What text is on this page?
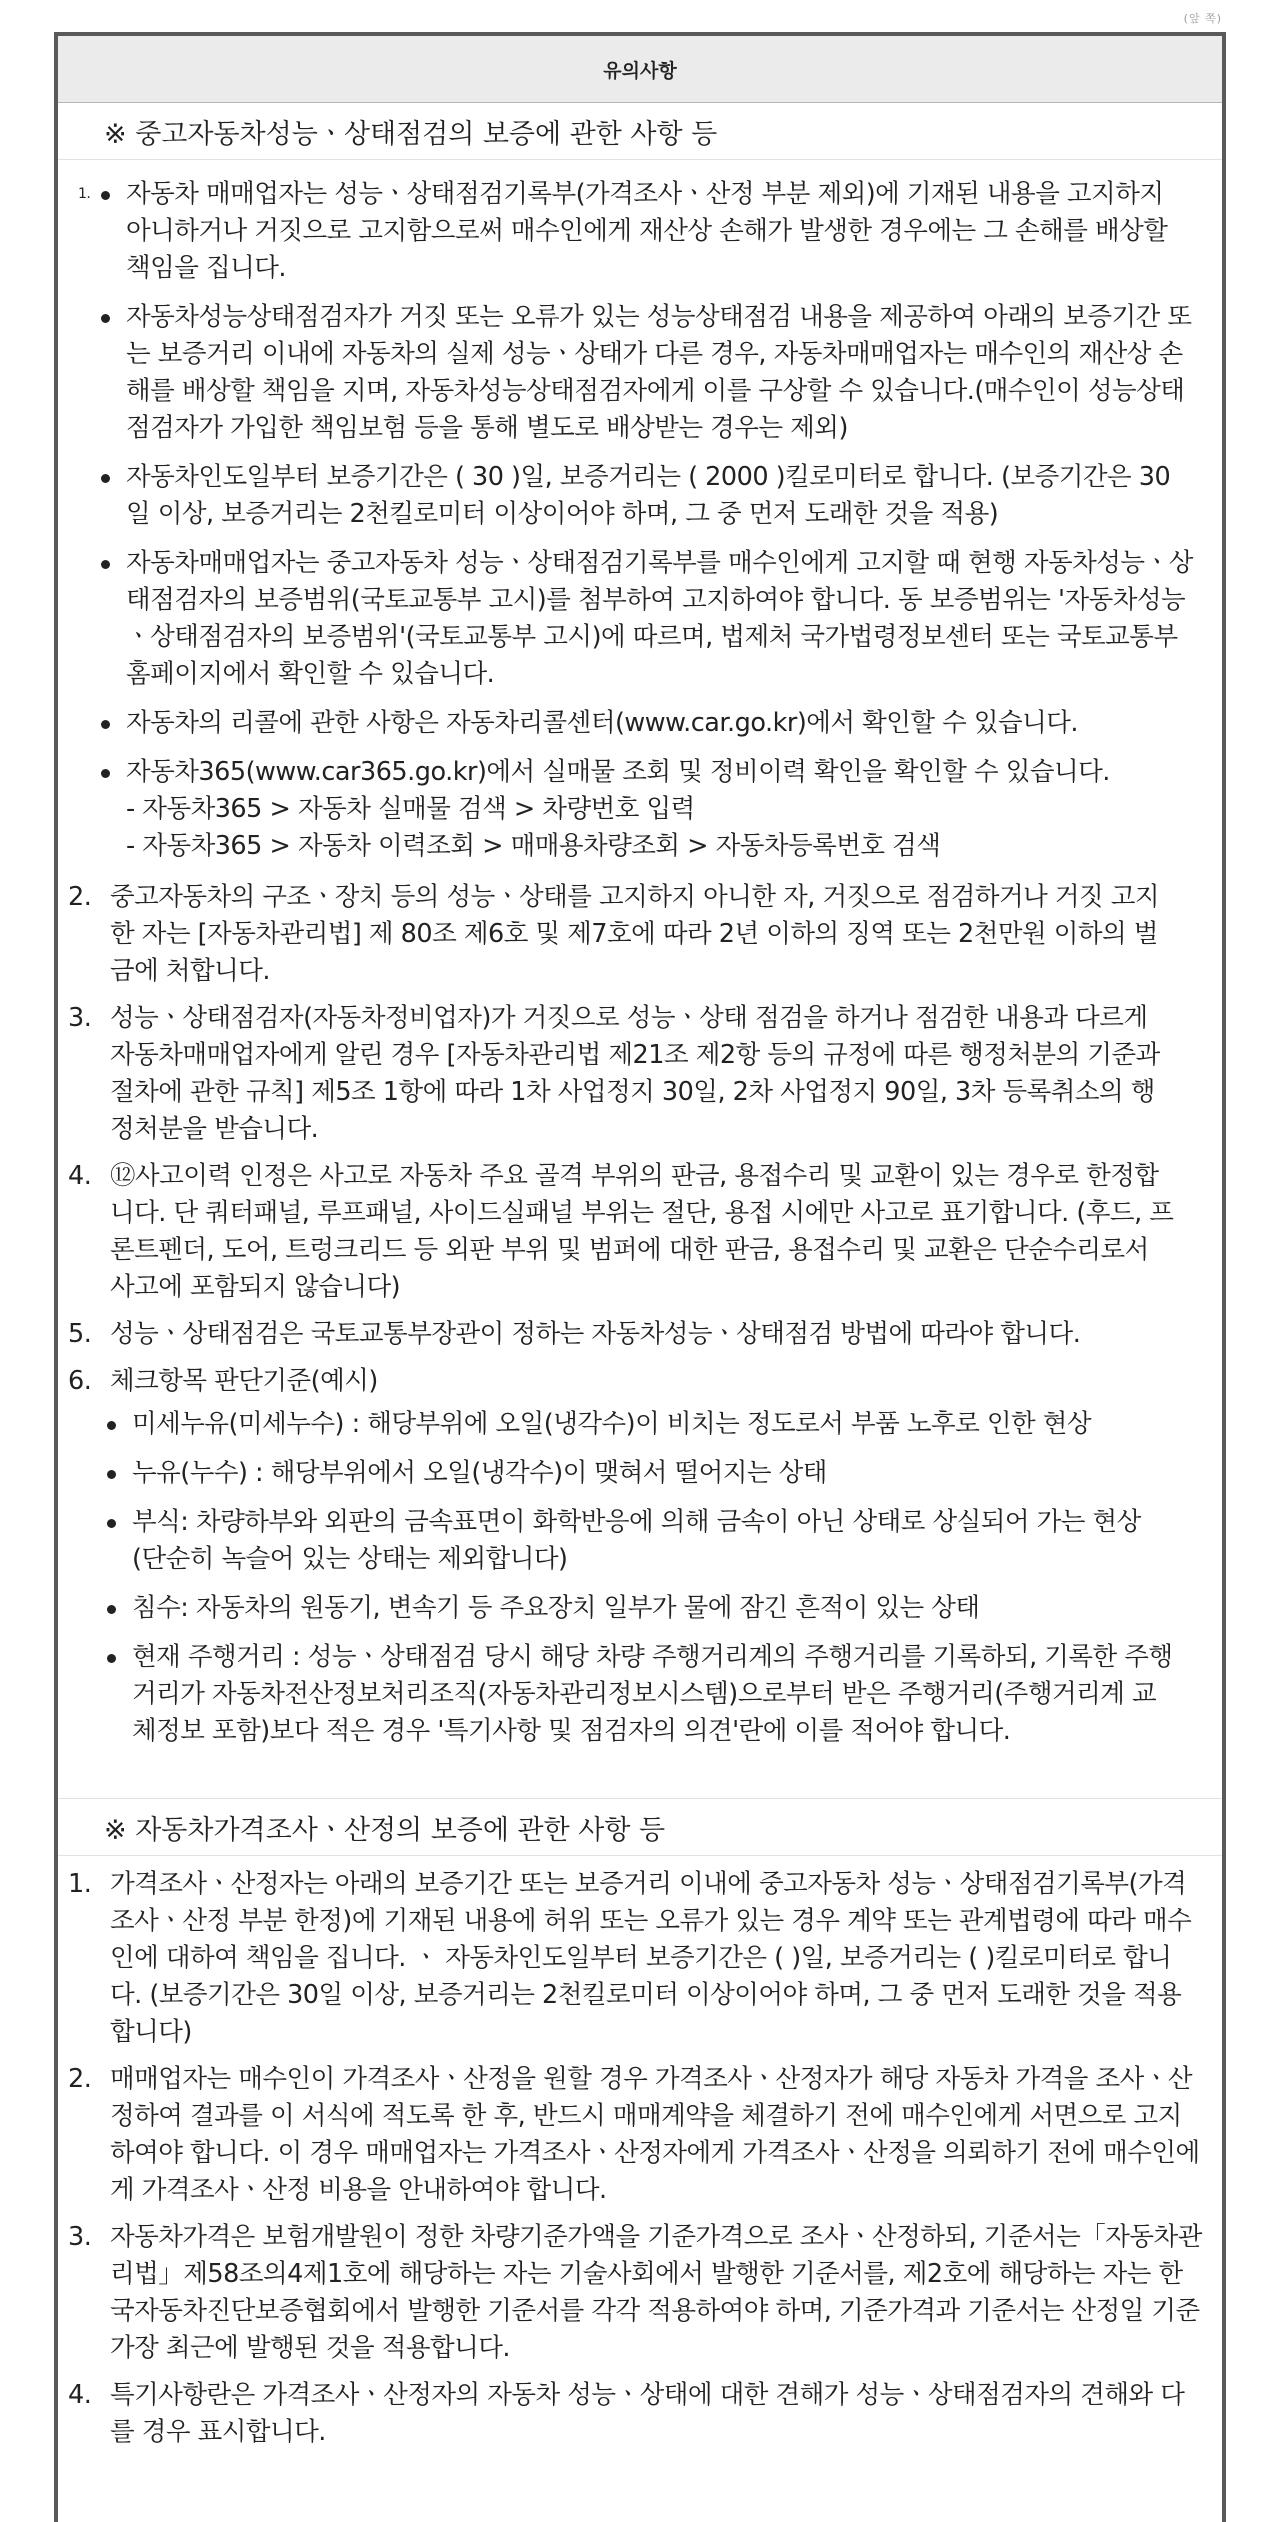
(앞 쪽)
유의사항
※ 중고자동차성능ㆍ상태점검의 보증에 관한 사항 등
1. 자동차 매매업자는 성능ㆍ상태점검기록부(가격조사ㆍ산정 부분 제외)에 기재된 내용을 고지하지 아니하거나 거짓으로 고지함으로써 매수인에게 재산상 손해가 발생한 경우에는 그 손해를 배상할 책임을 집니다.
자동차성능상태점검자가 거짓 또는 오류가 있는 성능상태점검 내용을 제공하여 아래의 보증기간 또는 보증거리 이내에 자동차의 실제 성능ㆍ상태가 다른 경우, 자동차매매업자는 매수인의 재산상 손해를 배상할 책임을 지며, 자동차성능상태점검자에게 이를 구상할 수 있습니다.(매수인이 성능상태점검자가 가입한 책임보험 등을 통해 별도로 배상받는 경우는 제외)
자동차인도일부터 보증기간은 ( 30 )일, 보증거리는 ( 2000 )킬로미터로 합니다. (보증기간은 30일 이상, 보증거리는 2천킬로미터 이상이어야 하며, 그 중 먼저 도래한 것을 적용)
자동차매매업자는 중고자동차 성능ㆍ상태점검기록부를 매수인에게 고지할 때 현행 자동차성능ㆍ상태점검자의 보증범위(국토교통부 고시)를 첨부하여 고지하여야 합니다. 동 보증범위는 '자동차성능ㆍ상태점검자의 보증범위'(국토교통부 고시)에 따르며, 법제처 국가법령정보센터 또는 국토교통부 홈페이지에서 확인할 수 있습니다.
자동차의 리콜에 관한 사항은 자동차리콜센터(www.car.go.kr)에서 확인할 수 있습니다.
자동차365(www.car365.go.kr)에서 실매물 조회 및 정비이력 확인을 확인할 수 있습니다.
- 자동차365 > 자동차 실매물 검색 > 차량번호 입력
- 자동차365 > 자동차 이력조회 > 매매용차량조회 > 자동차등록번호 검색
2. 중고자동차의 구조ㆍ장치 등의 성능ㆍ상태를 고지하지 아니한 자, 거짓으로 점검하거나 거짓 고지한 자는 [자동차관리법] 제 80조 제6호 및 제7호에 따라 2년 이하의 징역 또는 2천만원 이하의 벌금에 처합니다.
3. 성능ㆍ상태점검자(자동차정비업자)가 거짓으로 성능ㆍ상태 점검을 하거나 점검한 내용과 다르게 자동차매매업자에게 알린 경우 [자동차관리법 제21조 제2항 등의 규정에 따른 행정처분의 기준과 절차에 관한 규칙] 제5조 1항에 따라 1차 사업정지 30일, 2차 사업정지 90일, 3차 등록취소의 행정처분을 받습니다.
4. ⑫사고이력 인정은 사고로 자동차 주요 골격 부위의 판금, 용접수리 및 교환이 있는 경우로 한정합니다. 단 쿼터패널, 루프패널, 사이드실패널 부위는 절단, 용접 시에만 사고로 표기합니다. (후드, 프론트펜더, 도어, 트렁크리드 등 외판 부위 및 범퍼에 대한 판금, 용접수리 및 교환은 단순수리로서 사고에 포함되지 않습니다)
5. 성능ㆍ상태점검은 국토교통부장관이 정하는 자동차성능ㆍ상태점검 방법에 따라야 합니다.
6. 체크항목 판단기준(예시)
미세누유(미세누수) : 해당부위에 오일(냉각수)이 비치는 정도로서 부품 노후로 인한 현상
누유(누수) : 해당부위에서 오일(냉각수)이 맺혀서 떨어지는 상태
부식: 차량하부와 외판의 금속표면이 화학반응에 의해 금속이 아닌 상태로 상실되어 가는 현상(단순히 녹슬어 있는 상태는 제외합니다)
침수: 자동차의 원동기, 변속기 등 주요장치 일부가 물에 잠긴 흔적이 있는 상태
현재 주행거리 : 성능ㆍ상태점검 당시 해당 차량 주행거리계의 주행거리를 기록하되, 기록한 주행거리가 자동차전산정보처리조직(자동차관리정보시스템)으로부터 받은 주행거리(주행거리계 교체정보 포함)보다 적은 경우 '특기사항 및 점검자의 의견'란에 이를 적어야 합니다.
※ 자동차가격조사ㆍ산정의 보증에 관한 사항 등
1. 가격조사ㆍ산정자는 아래의 보증기간 또는 보증거리 이내에 중고자동차 성능ㆍ상태점검기록부(가격조사ㆍ산정 부분 한정)에 기재된 내용에 허위 또는 오류가 있는 경우 계약 또는 관계법령에 따라 매수인에 대하여 책임을 집니다. ㆍ 자동차인도일부터 보증기간은 ( )일, 보증거리는 ( )킬로미터로 합니다. (보증기간은 30일 이상, 보증거리는 2천킬로미터 이상이어야 하며, 그 중 먼저 도래한 것을 적용합니다)
2. 매매업자는 매수인이 가격조사ㆍ산정을 원할 경우 가격조사ㆍ산정자가 해당 자동차 가격을 조사ㆍ산정하여 결과를 이 서식에 적도록 한 후, 반드시 매매계약을 체결하기 전에 매수인에게 서면으로 고지하여야 합니다. 이 경우 매매업자는 가격조사ㆍ산정자에게 가격조사ㆍ산정을 의뢰하기 전에 매수인에게 가격조사ㆍ산정 비용을 안내하여야 합니다.
3. 자동차가격은 보험개발원이 정한 차량기준가액을 기준가격으로 조사ㆍ산정하되, 기준서는「자동차관리법」제58조의4제1호에 해당하는 자는 기술사회에서 발행한 기준서를, 제2호에 해당하는 자는 한국자동차진단보증협회에서 발행한 기준서를 각각 적용하여야 하며, 기준가격과 기준서는 산정일 기준 가장 최근에 발행된 것을 적용합니다.
4. 특기사항란은 가격조사ㆍ산정자의 자동차 성능ㆍ상태에 대한 견해가 성능ㆍ상태점검자의 견해와 다를 경우 표시합니다.
